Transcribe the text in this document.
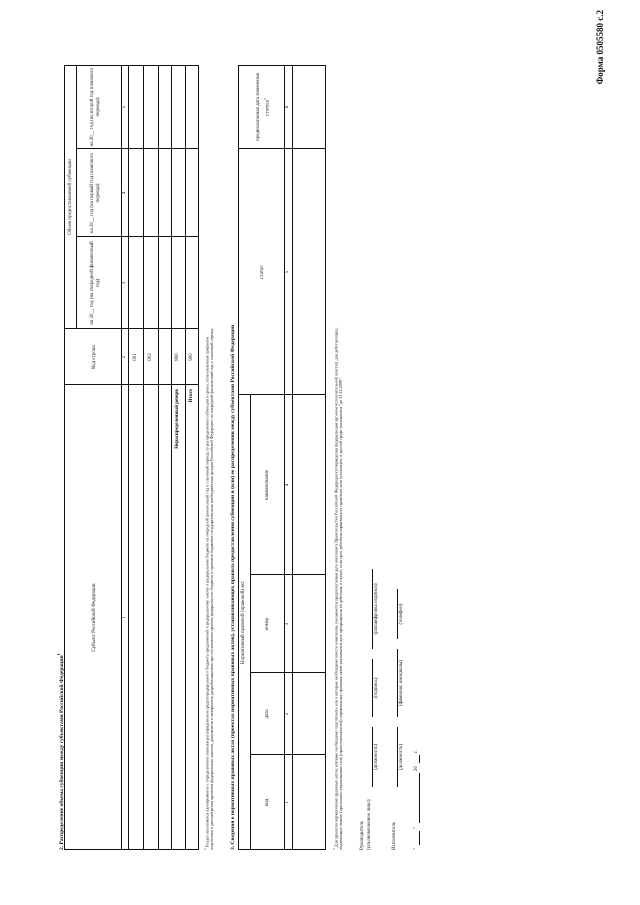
Форма 0505580 с.2
2. Распределение объема субвенции между субъектами Российской Федерации$^1$
Субъект Российской Федерации
Код строки
Объем предоставляемой субвенции
на 20__ год (на очередной финансовый год)
на 20__ год (на первый год планового периода)
на 20__ год (на второй год планового периода)
1
2
3
4
5
001 002
Нераспределенный резерв
800
Итого
900
$^1$ Раздел заполняется одновременно с определением главным распорядителем средств федерального бюджета предложений к федеральному закону о федеральном бюджете на очередной финансовый год и плановый период по распределению субвенции в сроки, установленные графиком подготовки и рассмотрения проектов федеральных законов, документов и материалов, разрабатываемых при составлении проекта федерального бюджета и проектов бюджетов государственных внебюджетных фондов Российской Федерации на очередной финансовый год и плановый период.	3. Сведения о нормативных правовых актах (проектах нормативных правовых актов), устанавливающих правила предоставления субвенции и (или) ее распределения между субъектами Российской Федерации Нормативный правовой (правовой) акт
вид
дата
номер
наименование
статус
предполагаемая дата изменения статуса$^2$
1
2
3
4
5
6
$^2$ Для проектов нормативных правовых актов, которые необходимо подготовить или в которые необходимо внести изменения, указывается предполагаемая дата внесения в Правительство Российской Федерации (утверждения федеральным органом исполнительной власти); для действующих, подлежащих отмене (признанию утратившими силу (приостановлению)) нормативных правовых актов указывается дата прекращения их действия, в случае, если срок действия нормативного правового акта установлен, в данной графе указывается "до 31.12.2099".	Руководитель (уполномоченное лицо)
(должность)
(подпись)
(расшифровка подписи)
Исполнитель
(должность)
(фамилия, инициалы)
(телефон)
"
"
20
г.
